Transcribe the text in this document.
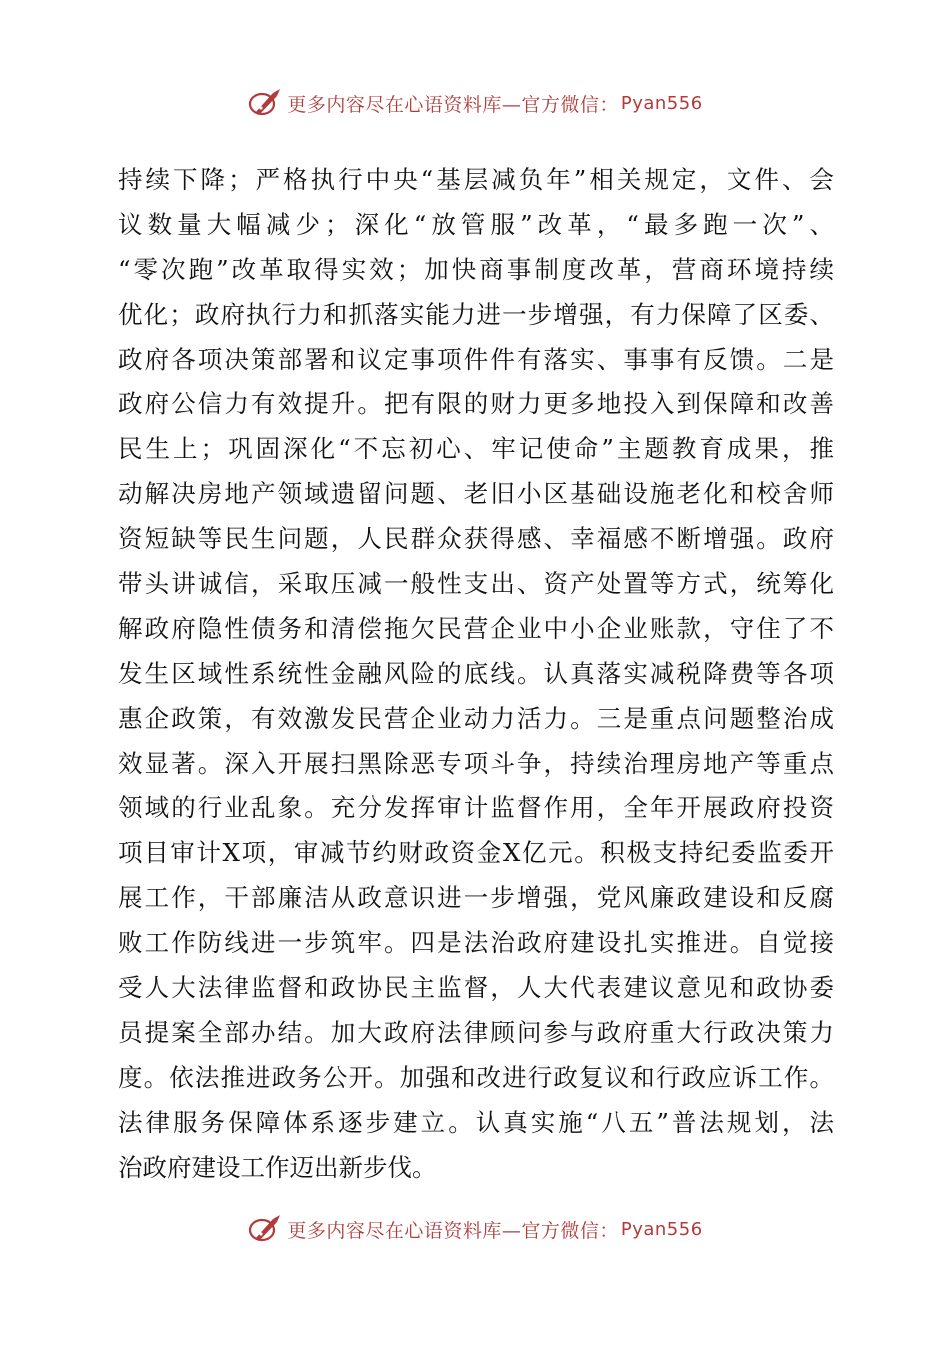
更多内容尽在心语资料库—官方微信： Pyan556
持续下降；严格执行中央“基层减负年”相关规定，文件、会
议数量大幅减少；深化“放管服”改革，“最多跑一次”、
“零次跑”改革取得实效；加快商事制度改革，营商环境持续
优化；政府执行力和抓落实能力进一步增强，有力保障了区委、
政府各项决策部署和议定事项件件有落实、事事有反馈。二是
政府公信力有效提升。把有限的财力更多地投入到保障和改善
民生上；巩固深化“不忘初心、牢记使命”主题教育成果，推
动解决房地产领域遗留问题、老旧小区基础设施老化和校舍师
资短缺等民生问题，人民群众获得感、幸福感不断增强。政府
带头讲诚信，采取压减一般性支出、资产处置等方式，统筹化
解政府隐性债务和清偿拖欠民营企业中小企业账款，守住了不
发生区域性系统性金融风险的底线。认真落实减税降费等各项
惠企政策，有效激发民营企业动力活力。三是重点问题整治成
效显著。深入开展扫黑除恶专项斗争，持续治理房地产等重点
领域的行业乱象。充分发挥审计监督作用，全年开展政府投资
项目审计X项，审减节约财政资金X亿元。积极支持纪委监委开
展工作，干部廉洁从政意识进一步增强，党风廉政建设和反腐
败工作防线进一步筑牢。四是法治政府建设扎实推进。自觉接
受人大法律监督和政协民主监督，人大代表建议意见和政协委
员提案全部办结。加大政府法律顾问参与政府重大行政决策力
度。依法推进政务公开。加强和改进行政复议和行政应诉工作。
法律服务保障体系逐步建立。认真实施“八五”普法规划，法
治政府建设工作迈出新步伐。
更多内容尽在心语资料库—官方微信： Pyan556
